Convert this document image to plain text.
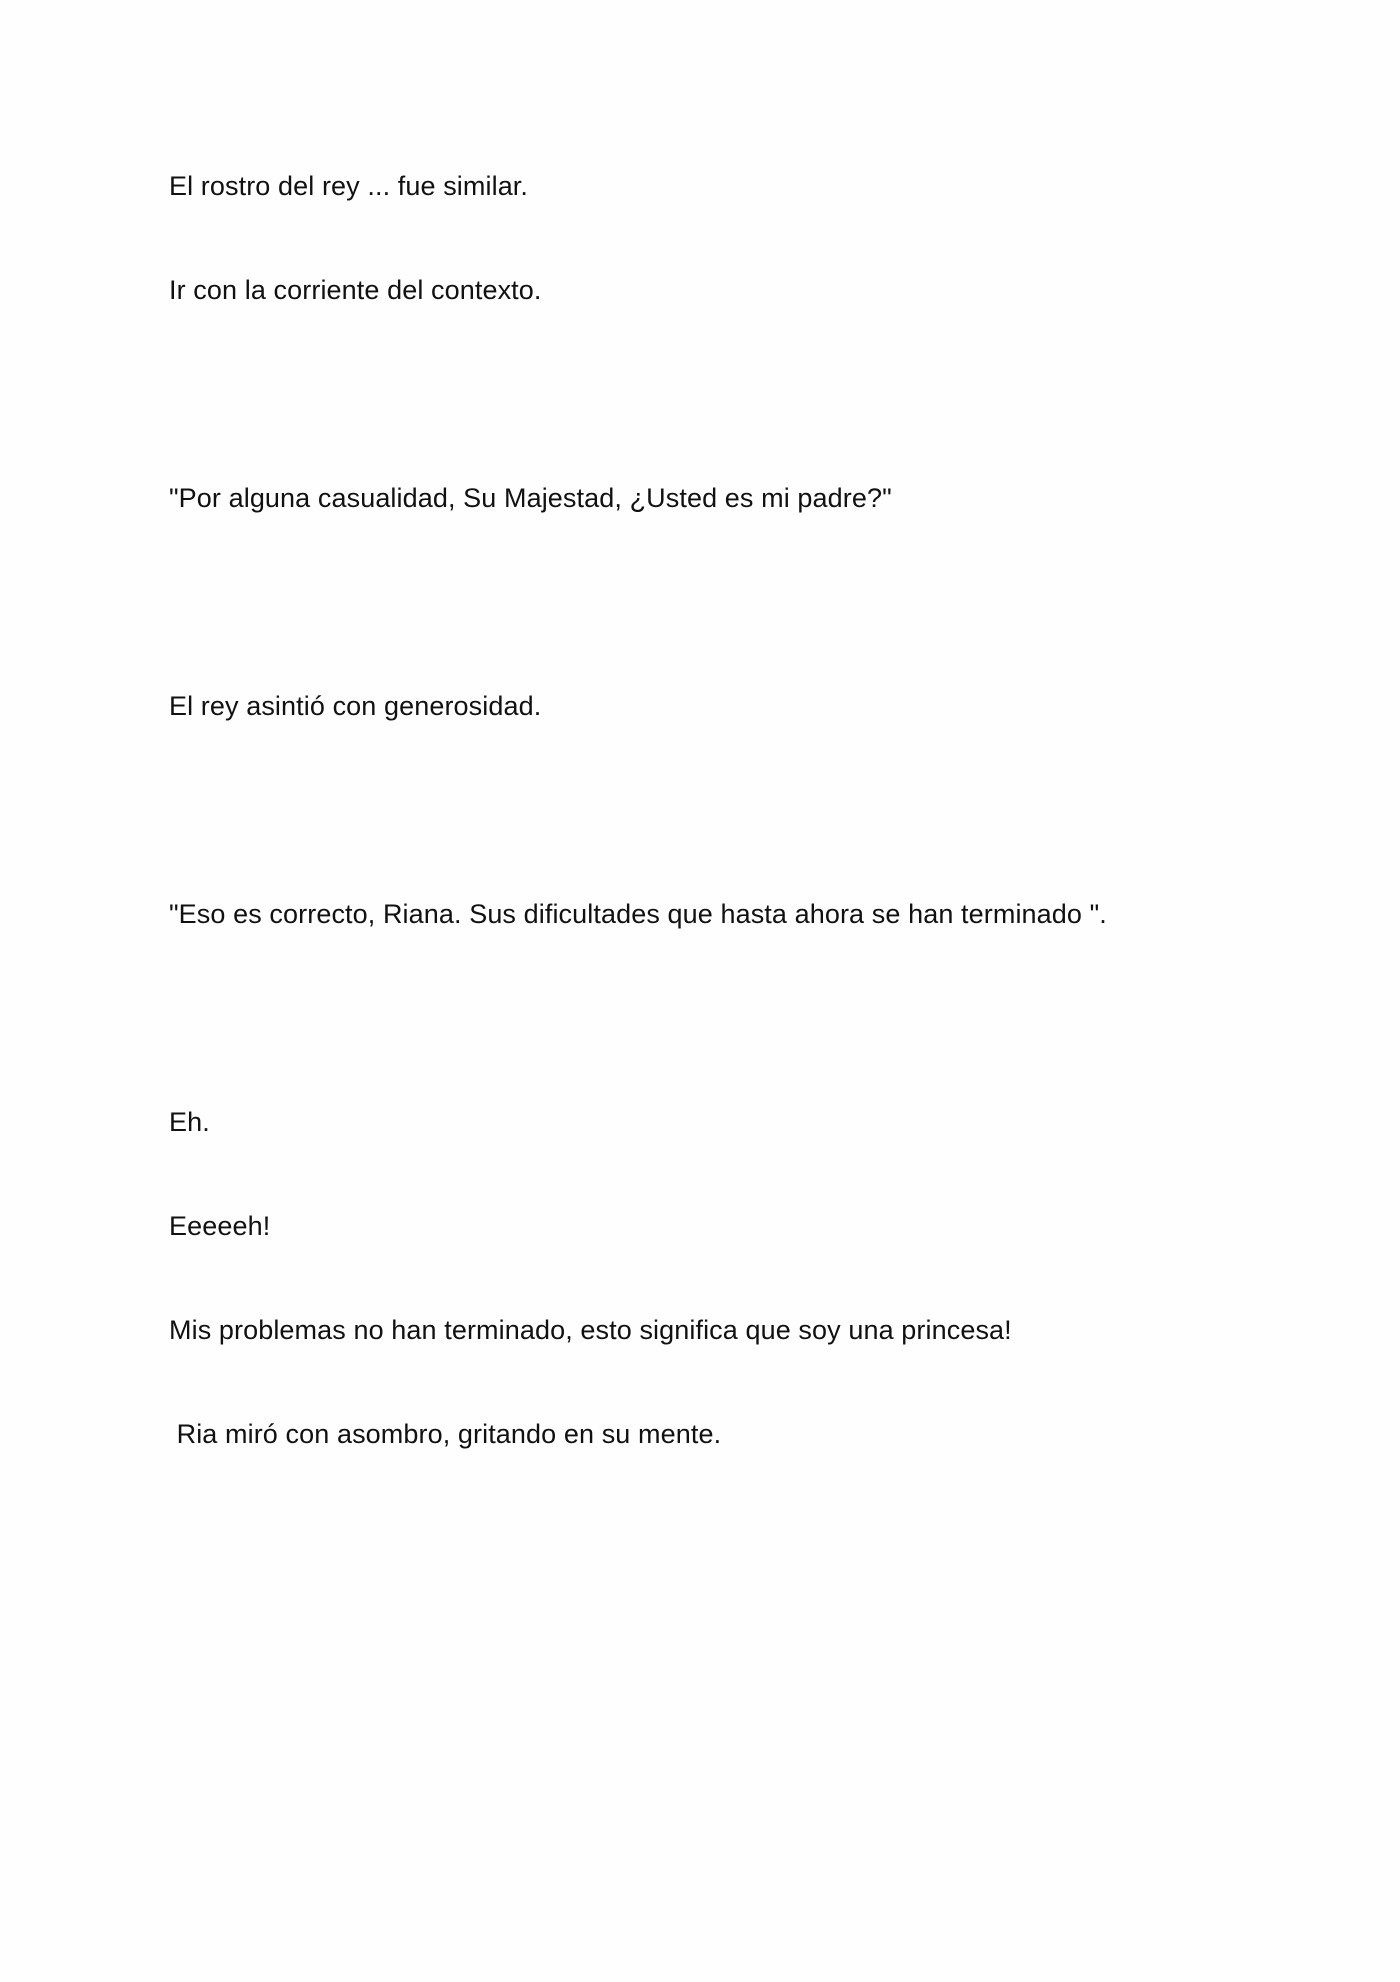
El rostro del rey ... fue similar.

Ir con la corriente del contexto.

"Por alguna casualidad, Su Majestad, ¿Usted es mi padre?"

El rey asintió con generosidad.

"Eso es correcto, Riana. Sus dificultades que hasta ahora se han terminado ".

Eh.

Eeeeeh!

Mis problemas no han terminado, esto significa que soy una princesa!

Ria miró con asombro, gritando en su mente.
